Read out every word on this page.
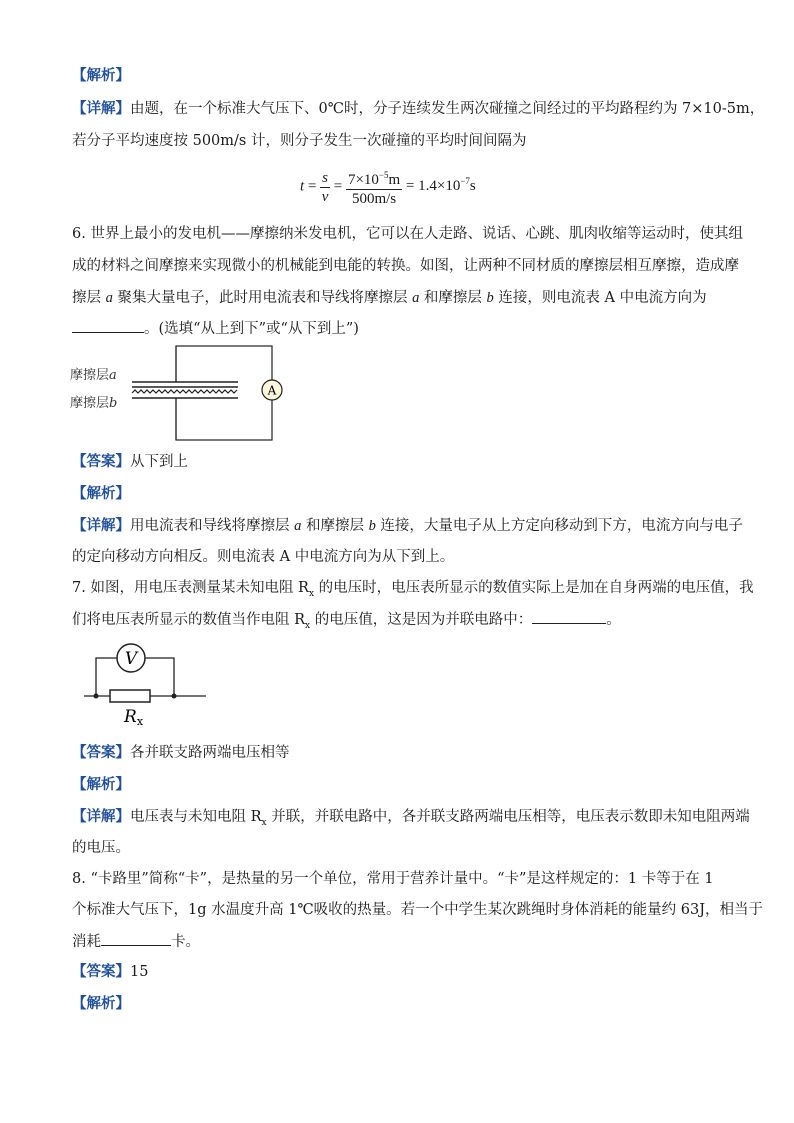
【解析】
【详解】由题，在一个标准大气压下、0℃时，分子连续发生两次碰撞之间经过的平均路程约为 7×10-5m，
若分子平均速度按 500m/s 计，则分子发生一次碰撞的平均时间间隔为
$t = \frac{s}{v} = \frac{7\times 10^{-5}m}{500m/s} = 1.4\times 10^{-7}s$
6. 世界上最小的发电机——摩擦纳米发电机，它可以在人走路、说话、心跳、肌肉收缩等运动时，使其组
成的材料之间摩擦来实现微小的机械能到电能的转换。如图，让两种不同材质的摩擦层相互摩擦，造成摩
擦层 a 聚集大量电子，此时用电流表和导线将摩擦层 a 和摩擦层 b 连接，则电流表 A 中电流方向为
。(选填“从上到下”或“从下到上”)
A
摩擦层a
摩擦层b
【答案】从下到上
【解析】
【详解】用电流表和导线将摩擦层 a 和摩擦层 b 连接，大量电子从上方定向移动到下方，电流方向与电子
的定向移动方向相反。则电流表 A 中电流方向为从下到上。
7. 如图，用电压表测量某未知电阻 $R_x$ 的电压时，电压表所显示的数值实际上是加在自身两端的电压值，我
们将电压表所显示的数值当作电阻 $R_x$ 的电压值，这是因为并联电路中：	。
V
Rx
【答案】各并联支路两端电压相等
【解析】
【详解】电压表与未知电阻 $R_x$ 并联，并联电路中，各并联支路两端电压相等，电压表示数即未知电阻两端
的电压。
8. “卡路里”简称“卡”，是热量的另一个单位，常用于营养计量中。“卡”是这样规定的：1 卡等于在 1
个标准大气压下，1g 水温度升高 1℃吸收的热量。若一个中学生某次跳绳时身体消耗的能量约 63J，相当于
消耗	卡。
【答案】15
【解析】
